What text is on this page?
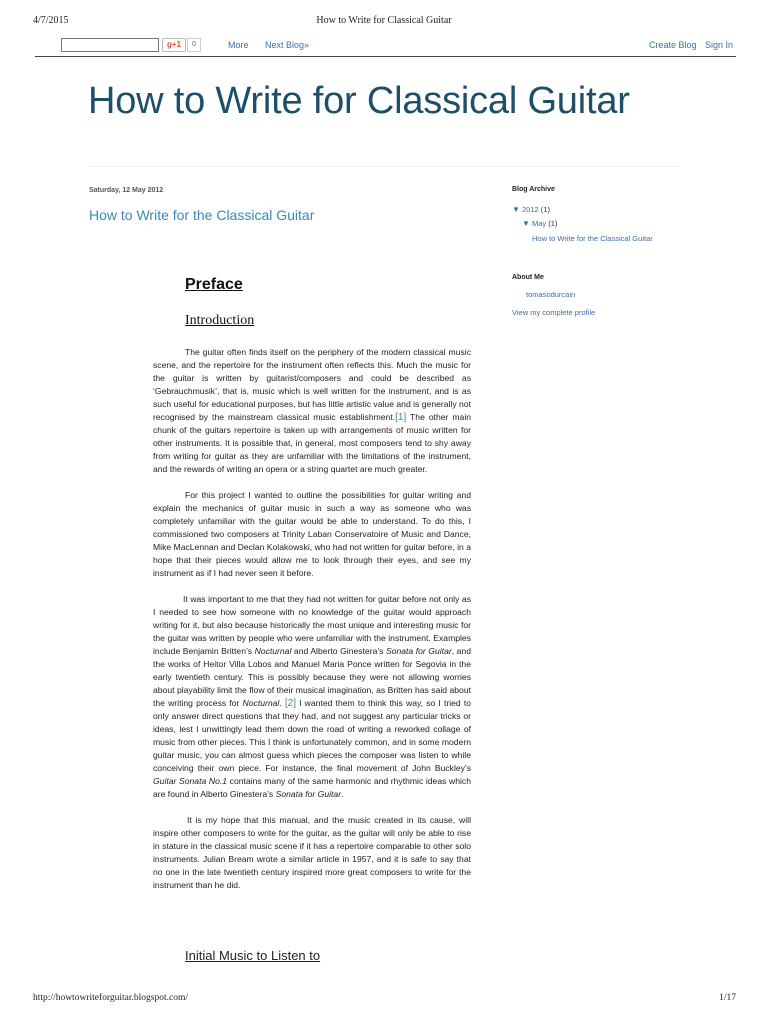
4/7/2015	How to Write for Classical Guitar
g+1	0	More Next Blog»	Create Blog Sign In
How to Write for Classical Guitar
Saturday, 12 May 2012
How to Write for the Classical Guitar
Blog Archive
▼ 2012 (1)
▼ May (1)
How to Write for the Classical Guitar
About Me
tomasodurcain
View my complete profile
Preface
Introduction

The guitar often finds itself on the periphery of the modern classical music scene, and the repertoire for the instrument often reflects this. Much the music for the guitar is written by guitarist/composers and could be described as ‘Gebrauchmusik’, that is, music which is well written for the instrument, and is as such useful for educational purposes, but has little artistic value and is generally not recognised by the mainstream classical music establishment.[1] The other main chunk of the guitars repertoire is taken up with arrangements of music written for other instruments. It is possible that, in general, most composers tend to shy away from writing for guitar as they are unfamiliar with the limitations of the instrument, and the rewards of writing an opera or a string quartet are much greater.

For this project I wanted to outline the possibilities for guitar writing and explain the mechanics of guitar music in such a way as someone who was completely unfamiliar with the guitar would be able to understand. To do this, I commissioned two composers at Trinity Laban Conservatoire of Music and Dance, Mike MacLennan and Declan Kolakowski, who had not written for guitar before, in a hope that their pieces would allow me to look through their eyes, and see my instrument as if I had never seen it before.

It was important to me that they had not written for guitar before not only as I needed to see how someone with no knowledge of the guitar would approach writing for it, but also because historically the most unique and interesting music for the guitar was written by people who were unfamiliar with the instrument. Examples include Benjamin Britten’s Nocturnal and Alberto Ginestera’s Sonata for Guitar, and the works of Heitor Villa Lobos and Manuel Maria Ponce written for Segovia in the early twentieth century. This is possibly because they were not allowing worries about playability limit the flow of their musical imagination, as Britten has said about the writing process for Nocturnal. [2] I wanted them to think this way, so I tried to only answer direct questions that they had, and not suggest any particular tricks or ideas, lest I unwittingly lead them down the road of writing a reworked collage of music from other pieces. This I think is unfortunately common, and in some modern guitar music, you can almost guess which pieces the composer was listen to while conceiving their own piece. For instance, the final movement of John Buckley’s Guitar Sonata No.1 contains many of the same harmonic and rhythmic ideas which are found in Alberto Ginestera’s Sonata for Guitar.

It is my hope that this manual, and the music created in its cause, will inspire other composers to write for the guitar, as the guitar will only be able to rise in stature in the classical music scene if it has a repertoire comparable to other solo instruments. Julian Bream wrote a similar article in 1957, and it is safe to say that no one in the late twentieth century inspired more great composers to write for the instrument than he did.

Initial Music to Listen to
http://howtowriteforguitar.blogspot.com/	1/17
